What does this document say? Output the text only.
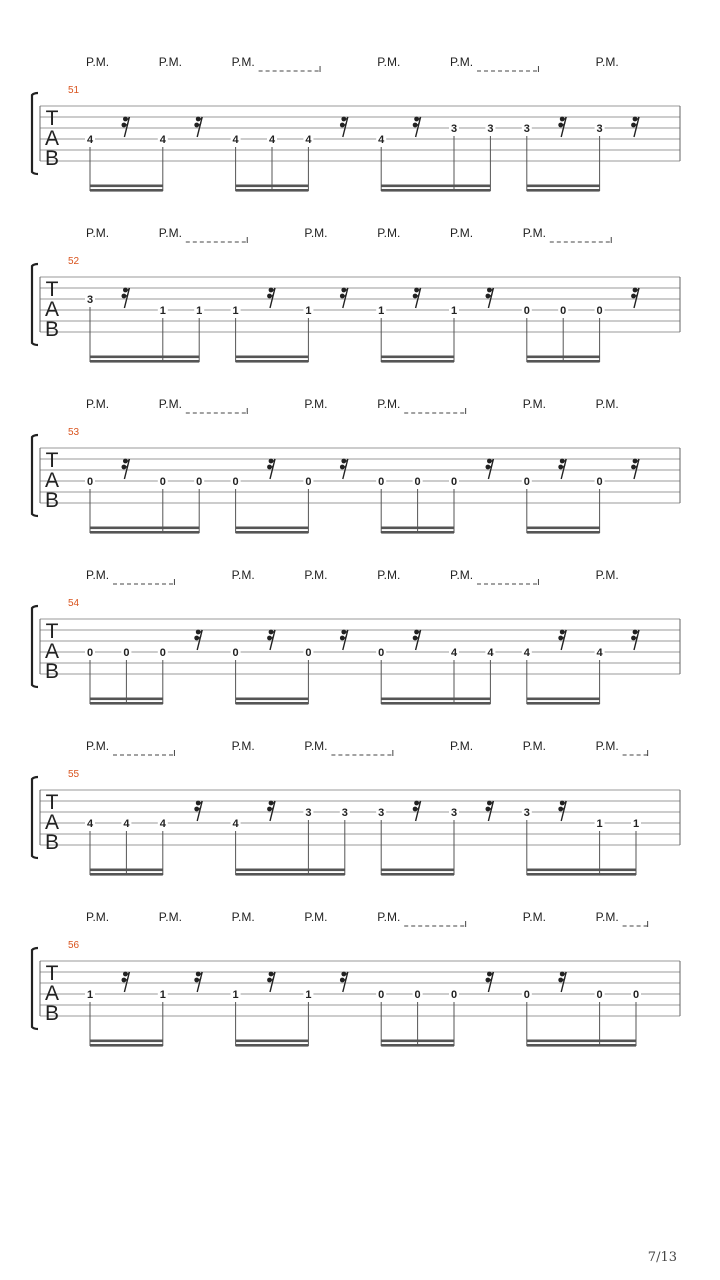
T
A
B
51
P.M.	P.M.	P.M.	P.M.	P.M.	P.M.
4	4	4	4	4	4
3	3	3	3
T
A
B
52
P.M.	P.M.	P.M.	P.M.	P.M.	P.M.
3
1	1	1	1	1	1	0	0	0
T
A
B
53
P.M.	P.M.	P.M.	P.M.	P.M.	P.M.
0	0	0	0	0	0	0	0	0	0
T
A
B
54
P.M.	P.M.	P.M.	P.M.	P.M.	P.M.
0	0	0	0	0	0	4	4	4	4
T
A
B
55
P.M.	P.M.	P.M.	P.M.	P.M.	P.M.
4	4	4	4
3	3	3	3	3
1	1
T
A
B
56
P.M.	P.M.	P.M.	P.M.	P.M.	P.M.	P.M.
1	1	1	1	0	0	0	0	0	0
7/13
